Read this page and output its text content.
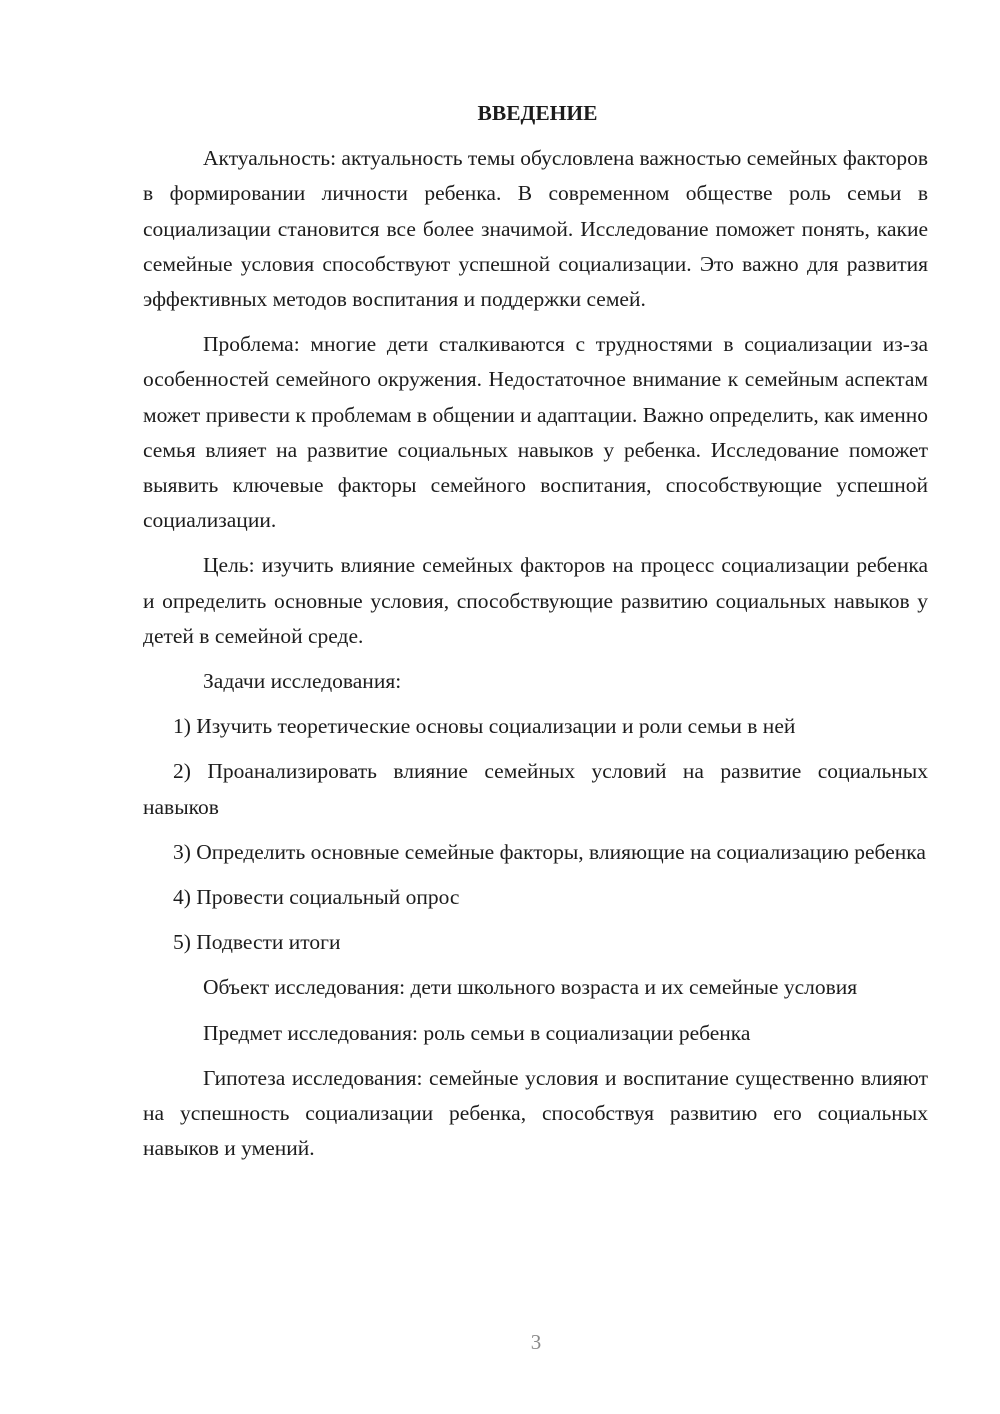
ВВЕДЕНИЕ

Актуальность: актуальность темы обусловлена важностью семейных факторов в формировании личности ребенка. В современном обществе роль семьи в социализации становится все более значимой. Исследование поможет понять, какие семейные условия способствуют успешной социализации. Это важно для развития эффективных методов воспитания и поддержки семей.

Проблема: многие дети сталкиваются с трудностями в социализации из-за особенностей семейного окружения. Недостаточное внимание к семейным аспектам может привести к проблемам в общении и адаптации. Важно определить, как именно семья влияет на развитие социальных навыков у ребенка. Исследование поможет выявить ключевые факторы семейного воспитания, способствующие успешной социализации.

Цель: изучить влияние семейных факторов на процесс социализации ребенка и определить основные условия, способствующие развитию социальных навыков у детей в семейной среде.

Задачи исследования:

1) Изучить теоретические основы социализации и роли семьи в ней

2) Проанализировать влияние семейных условий на развитие социальных навыков

3) Определить основные семейные факторы, влияющие на социализацию ребенка

4) Провести социальный опрос

5) Подвести итоги

Объект исследования: дети школьного возраста и их семейные условия

Предмет исследования: роль семьи в социализации ребенка

Гипотеза исследования: семейные условия и воспитание существенно влияют на успешность социализации ребенка, способствуя развитию его социальных навыков и умений.

3
